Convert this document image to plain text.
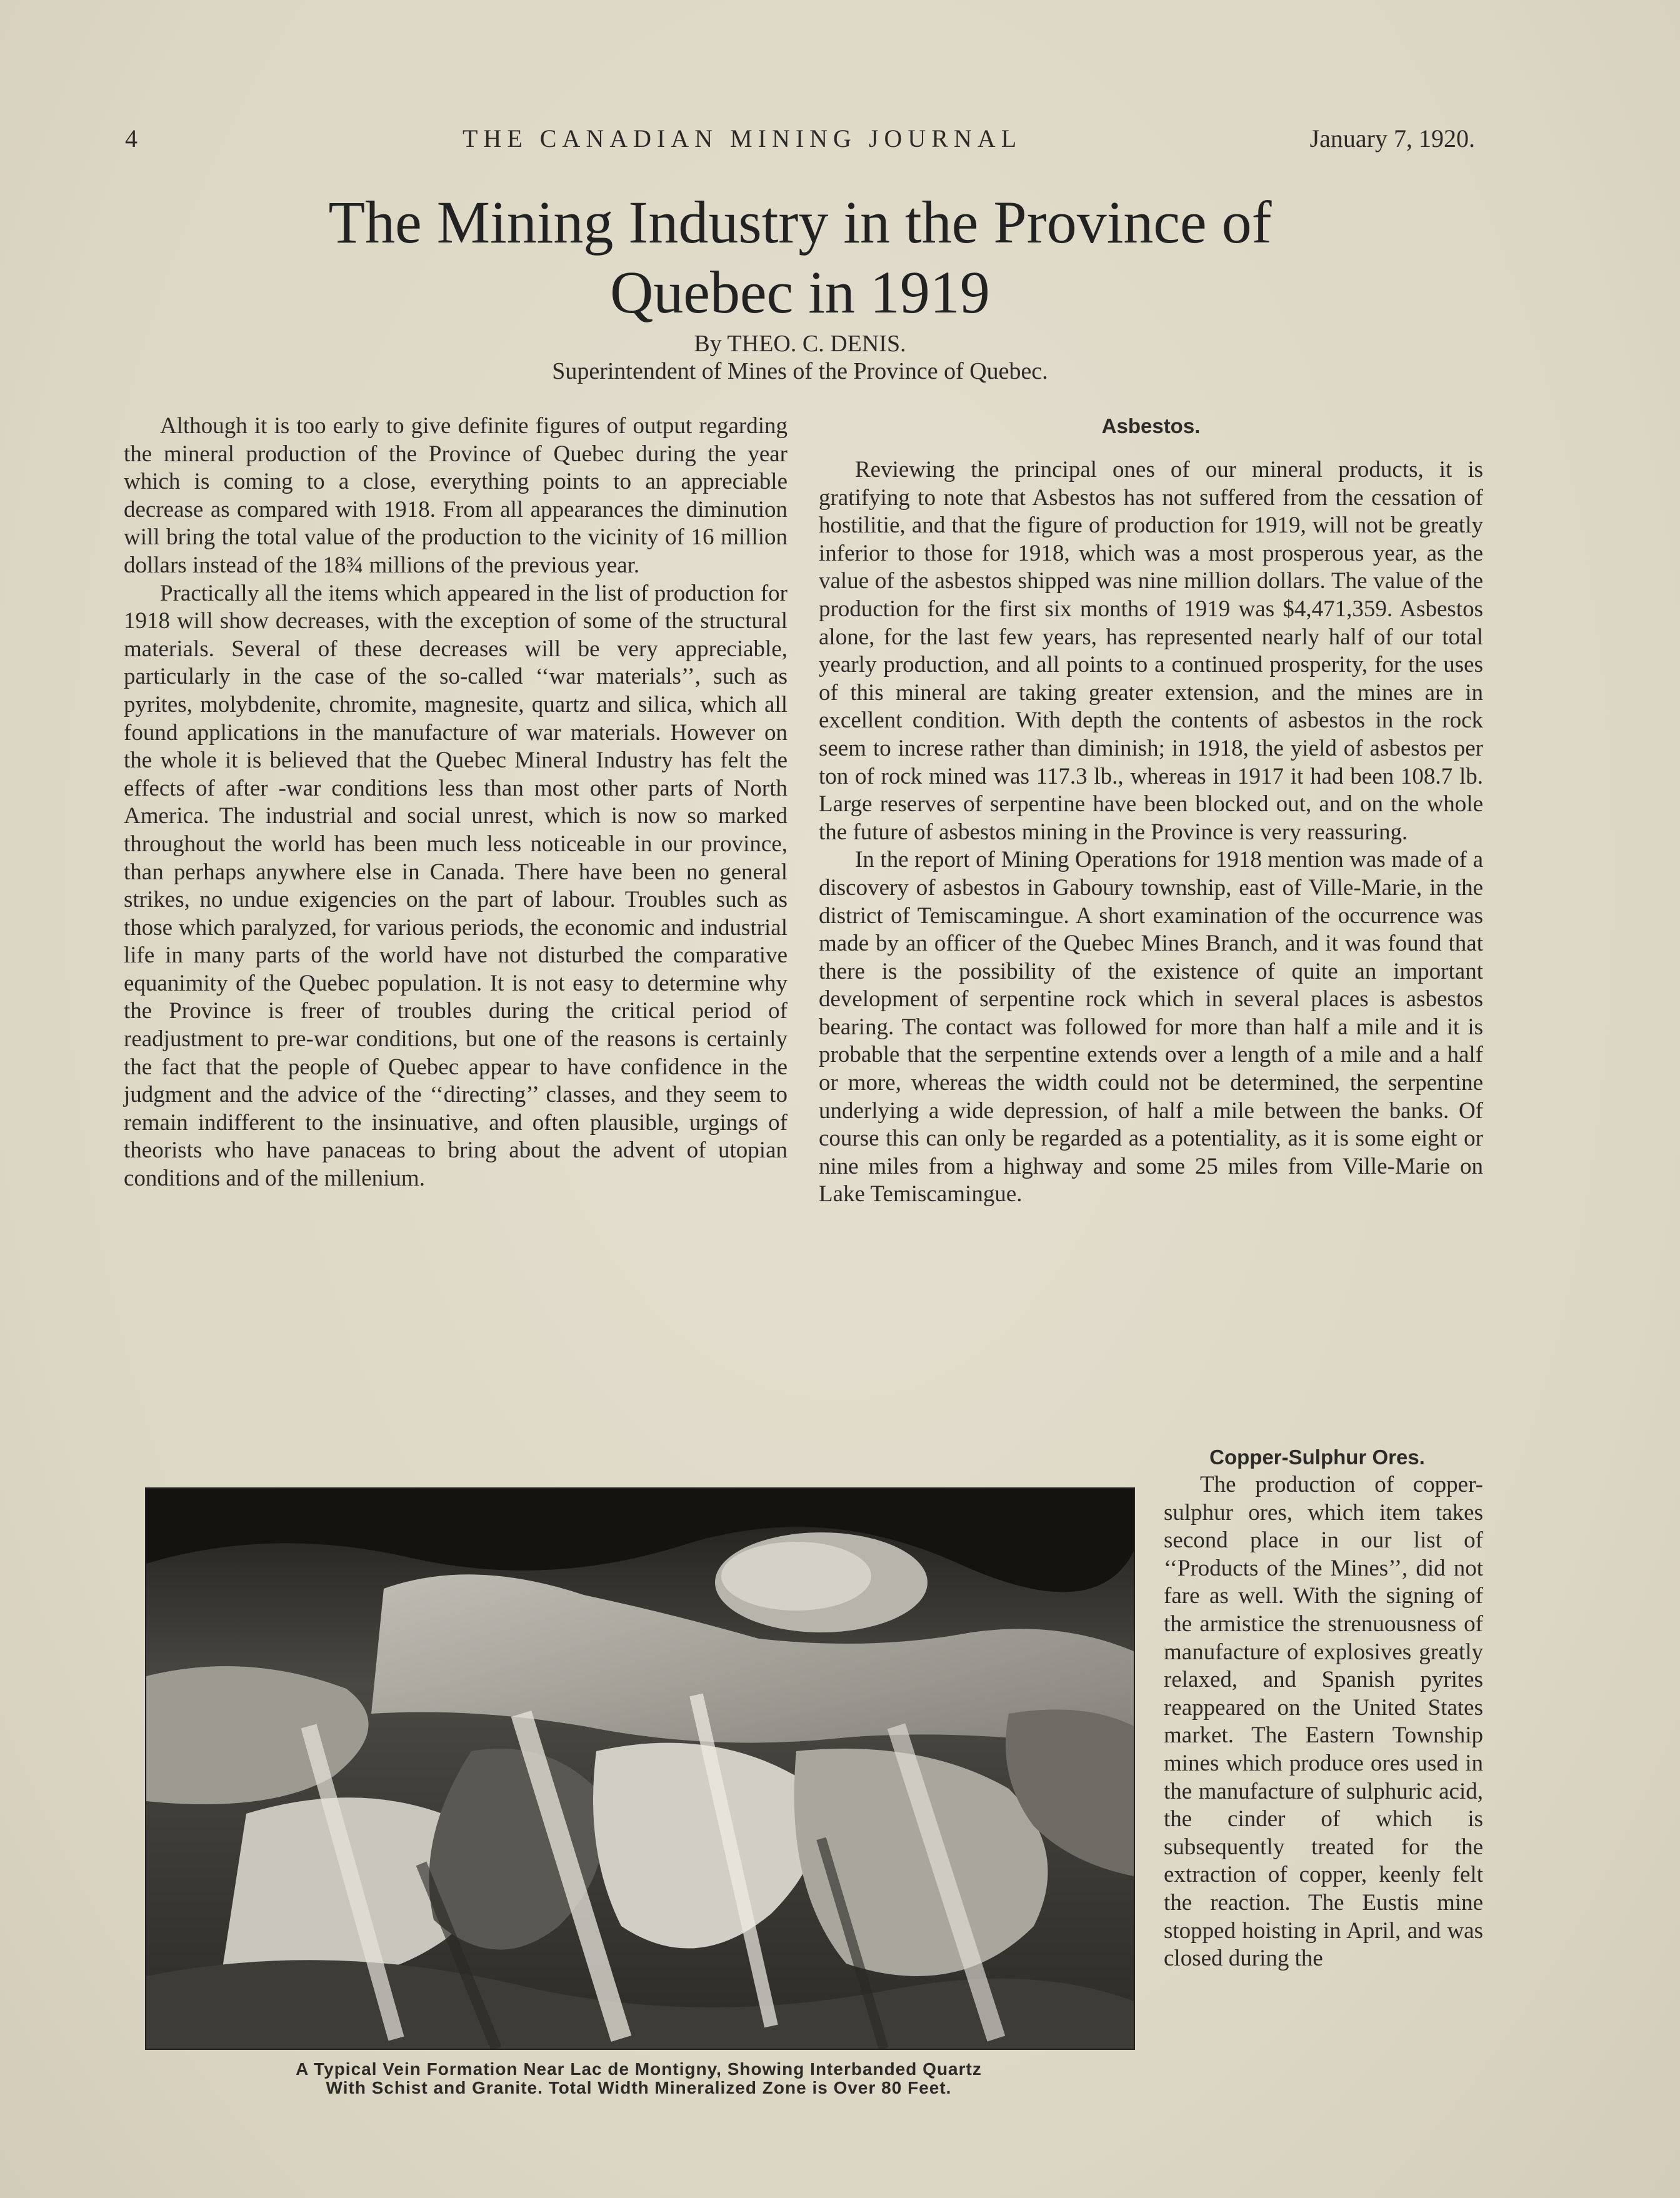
4	THE CANADIAN MINING JOURNAL	January 7, 1920.
The Mining Industry in the Province of
Quebec in 1919
By THEO. C. DENIS.
Superintendent of Mines of the Province of Quebec.

Although it is too early to give definite figures of output regarding the mineral production of the Province of Quebec during the year which is coming to a close, everything points to an appreciable decrease as compared with 1918. From all appearances the diminution will bring the total value of the production to the vicinity of 16 million dollars instead of the 18¾ millions of the previous year.

Practically all the items which appeared in the list of production for 1918 will show decreases, with the exception of some of the structural materials. Several of these decreases will be very appreciable, particularly in the case of the so-called ‘‘war materials’’, such as pyrites, molybdenite, chromite, magnesite, quartz and silica, which all found applications in the manufacture of war materials. However on the whole it is believed that the Quebec Mineral Industry has felt the effects of after -war conditions less than most other parts of North America. The industrial and social unrest, which is now so marked throughout the world has been much less noticeable in our province, than perhaps anywhere else in Canada. There have been no general strikes, no undue exigencies on the part of labour. Troubles such as those which paralyzed, for various periods, the economic and industrial life in many parts of the world have not disturbed the comparative equanimity of the Quebec population. It is not easy to determine why the Province is freer of troubles during the critical period of readjustment to pre-war conditions, but one of the reasons is certainly the fact that the people of Quebec appear to have confidence in the judgment and the advice of the ‘‘directing’’ classes, and they seem to remain indifferent to the insinuative, and often plausible, urgings of theorists who have panaceas to bring about the advent of utopian conditions and of the millenium.

Asbestos.

Reviewing the principal ones of our mineral products, it is gratifying to note that Asbestos has not suffered from the cessation of hostilitie, and that the figure of production for 1919, will not be greatly inferior to those for 1918, which was a most prosperous year, as the value of the asbestos shipped was nine million dollars. The value of the production for the first six months of 1919 was $4,471,359. Asbestos alone, for the last few years, has represented nearly half of our total yearly production, and all points to a continued prosperity, for the uses of this mineral are taking greater extension, and the mines are in excellent condition. With depth the contents of asbestos in the rock seem to increse rather than diminish; in 1918, the yield of asbestos per ton of rock mined was 117.3 lb., whereas in 1917 it had been 108.7 lb. Large reserves of serpentine have been blocked out, and on the whole the future of asbestos mining in the Province is very reassuring.

In the report of Mining Operations for 1918 mention was made of a discovery of asbestos in Gaboury township, east of Ville-Marie, in the district of Temiscamingue. A short examination of the occurrence was made by an officer of the Quebec Mines Branch, and it was found that there is the possibility of the existence of quite an important development of serpentine rock which in several places is asbestos bearing. The contact was followed for more than half a mile and it is probable that the serpentine extends over a length of a mile and a half or more, whereas the width could not be determined, the serpentine underlying a wide depression, of half a mile between the banks. Of course this can only be regarded as a potentiality, as it is some eight or nine miles from a highway and some 25 miles from Ville-Marie on Lake Temiscamingue.

Copper-Sulphur Ores.

The production of copper-sulphur ores, which item takes second place in our list of ‘‘Products of the Mines’’, did not fare as well. With the signing of the armistice the strenuousness of manufacture of explosives greatly relaxed, and Spanish pyrites reappeared on the United States market. The Eastern Township mines which produce ores used in the manufacture of sulphuric acid, the cinder of which is subsequently treated for the extraction of copper, keenly felt the reaction. The Eustis mine stopped hoisting in April, and was closed during the

A Typical Vein Formation Near Lac de Montigny, Showing Interbanded Quartz
With Schist and Granite. Total Width Mineralized Zone is Over 80 Feet.
